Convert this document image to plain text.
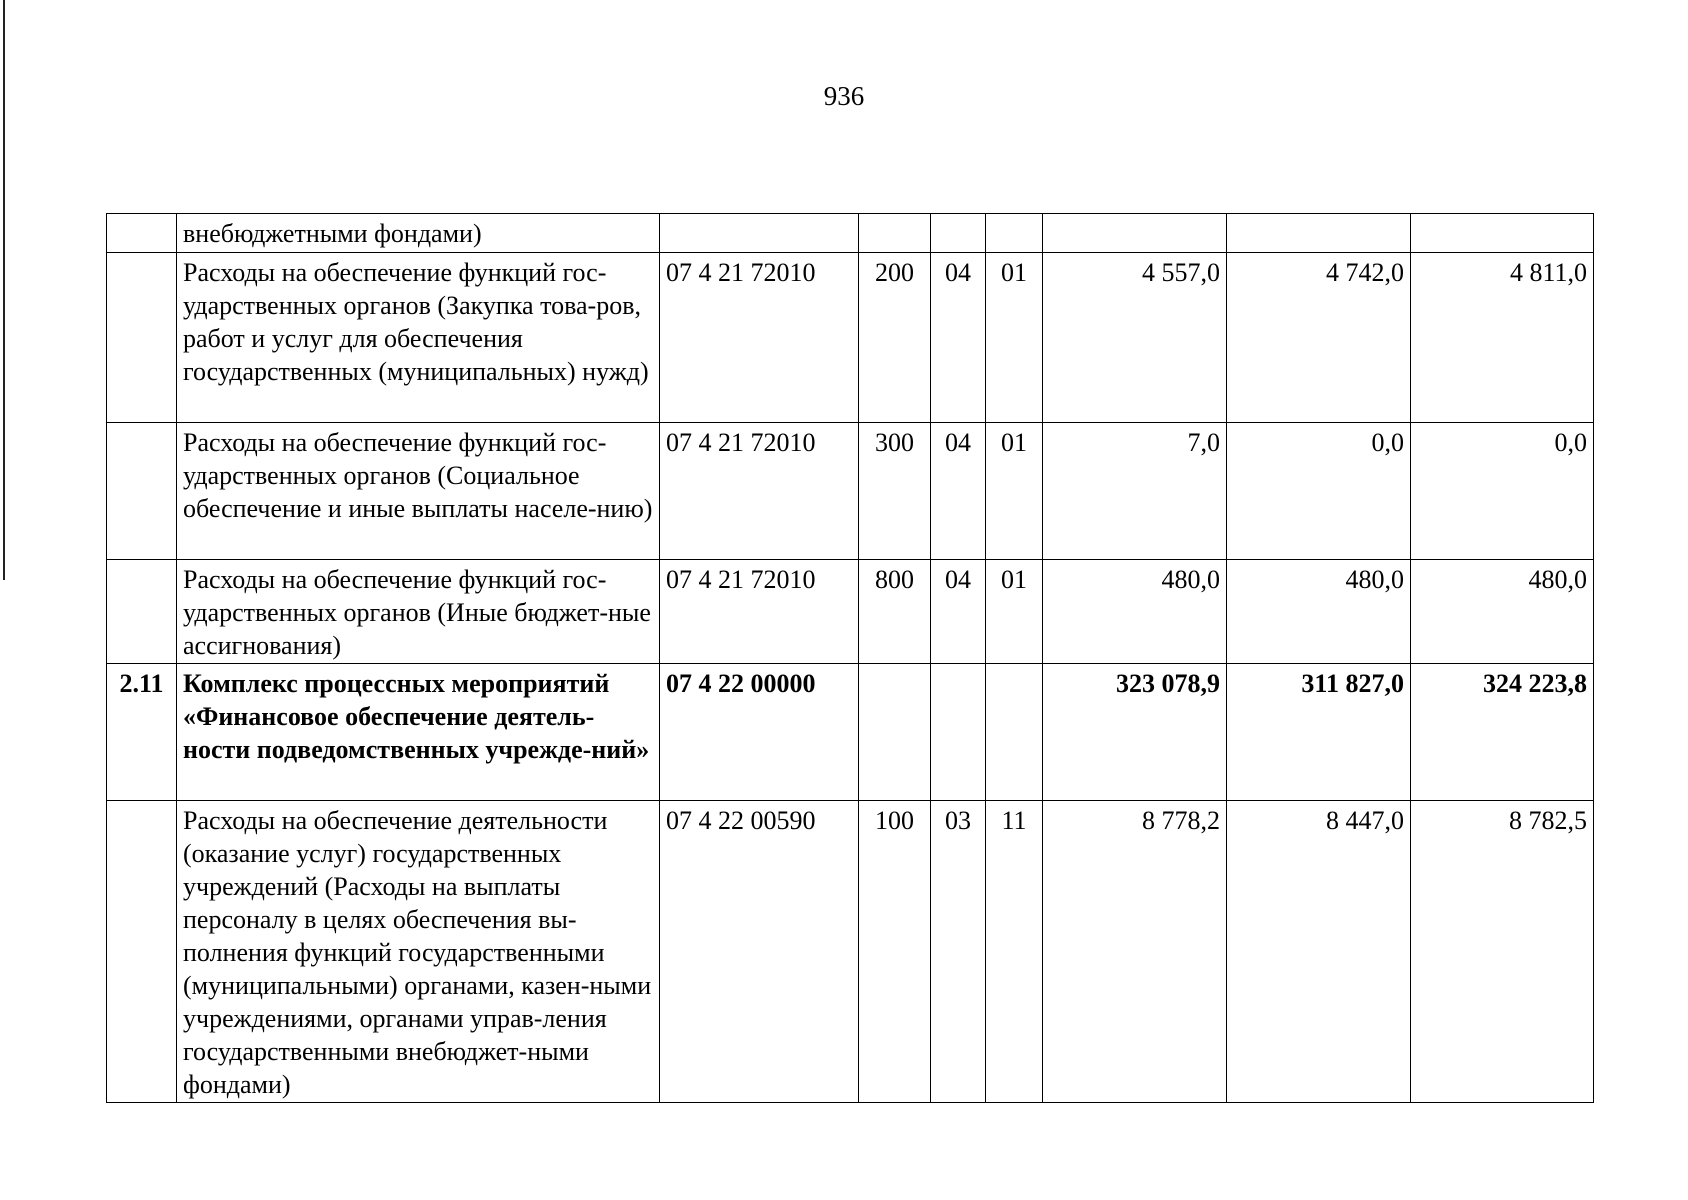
936
	внебюджетными фондами)							
	Расходы на обеспечение функций гос-ударственных органов (Закупка това-ров, работ и услуг для обеспечения государственных (муниципальных) нужд)	07 4 21 72010	200	04	01	4 557,0	4 742,0	4 811,0
	Расходы на обеспечение функций гос-ударственных органов (Социальное обеспечение и иные выплаты населе-нию)	07 4 21 72010	300	04	01	7,0	0,0	0,0
	Расходы на обеспечение функций гос-ударственных органов (Иные бюджет-ные ассигнования)	07 4 21 72010	800	04	01	480,0	480,0	480,0
2.11	Комплекс процессных мероприятий «Финансовое обеспечение деятель-ности подведомственных учрежде-ний»	07 4 22 00000				323 078,9	311 827,0	324 223,8
	Расходы на обеспечение деятельности (оказание услуг) государственных учреждений (Расходы на выплаты персоналу в целях обеспечения вы-полнения функций государственными (муниципальными) органами, казен-ными учреждениями, органами управ-ления государственными внебюджет-ными фондами)	07 4 22 00590	100	03	11	8 778,2	8 447,0	8 782,5
